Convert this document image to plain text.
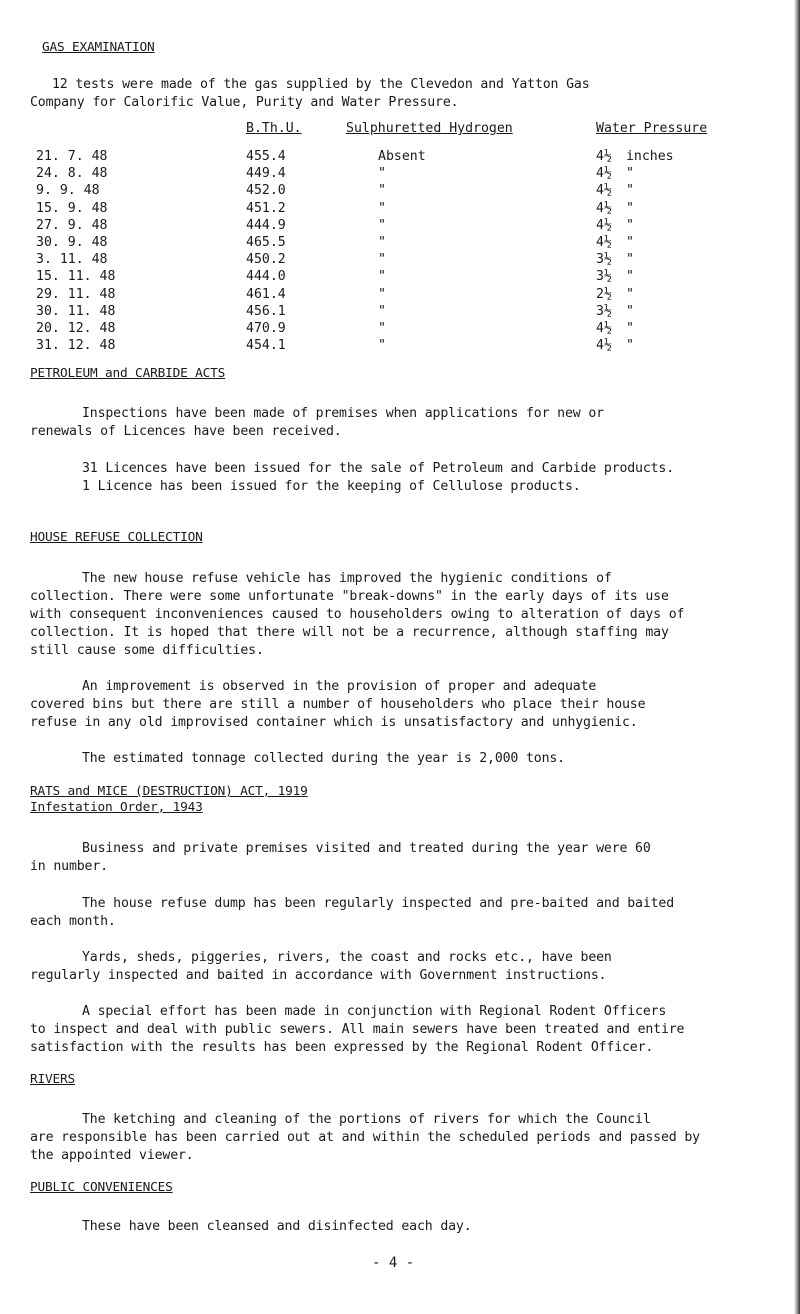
GAS EXAMINATION
12 tests were made of the gas supplied by the Clevedon and Yatton Gas
Company for Calorific Value, Purity and Water Pressure.
	B.Th.U.	Sulphuretted Hydrogen	Water Pressure
21. 7. 48	455.4	Absent	4½ inches
24. 8. 48	449.4	"	4½ "
9. 9. 48	452.0	"	4½ "
15. 9. 48	451.2	"	4½ "
27. 9. 48	444.9	"	4½ "
30. 9. 48	465.5	"	4½ "
3. 11. 48	450.2	"	3½ "
15. 11. 48	444.0	"	3½ "
29. 11. 48	461.4	"	2½ "
30. 11. 48	456.1	"	3½ "
20. 12. 48	470.9	"	4½ "
31. 12. 48	454.1	"	4½ "
PETROLEUM and CARBIDE ACTS
Inspections have been made of premises when applications for new or
renewals of Licences have been received.
31 Licences have been issued for the sale of Petroleum and Carbide products.
1 Licence has been issued for the keeping of Cellulose products.
HOUSE REFUSE COLLECTION
The new house refuse vehicle has improved the hygienic conditions of
collection. There were some unfortunate "break-downs" in the early days of its use
with consequent inconveniences caused to householders owing to alteration of days of
collection. It is hoped that there will not be a recurrence, although staffing may
still cause some difficulties.
An improvement is observed in the provision of proper and adequate
covered bins but there are still a number of householders who place their house
refuse in any old improvised container which is unsatisfactory and unhygienic.
The estimated tonnage collected during the year is 2,000 tons.
RATS and MICE (DESTRUCTION) ACT, 1919
Infestation Order, 1943
Business and private premises visited and treated during the year were 60
in number.
The house refuse dump has been regularly inspected and pre-baited and baited
each month.
Yards, sheds, piggeries, rivers, the coast and rocks etc., have been
regularly inspected and baited in accordance with Government instructions.
A special effort has been made in conjunction with Regional Rodent Officers
to inspect and deal with public sewers. All main sewers have been treated and entire
satisfaction with the results has been expressed by the Regional Rodent Officer.
RIVERS
The ketching and cleaning of the portions of rivers for which the Council
are responsible has been carried out at and within the scheduled periods and passed by
the appointed viewer.
PUBLIC CONVENIENCES
These have been cleansed and disinfected each day.
- 4 -
